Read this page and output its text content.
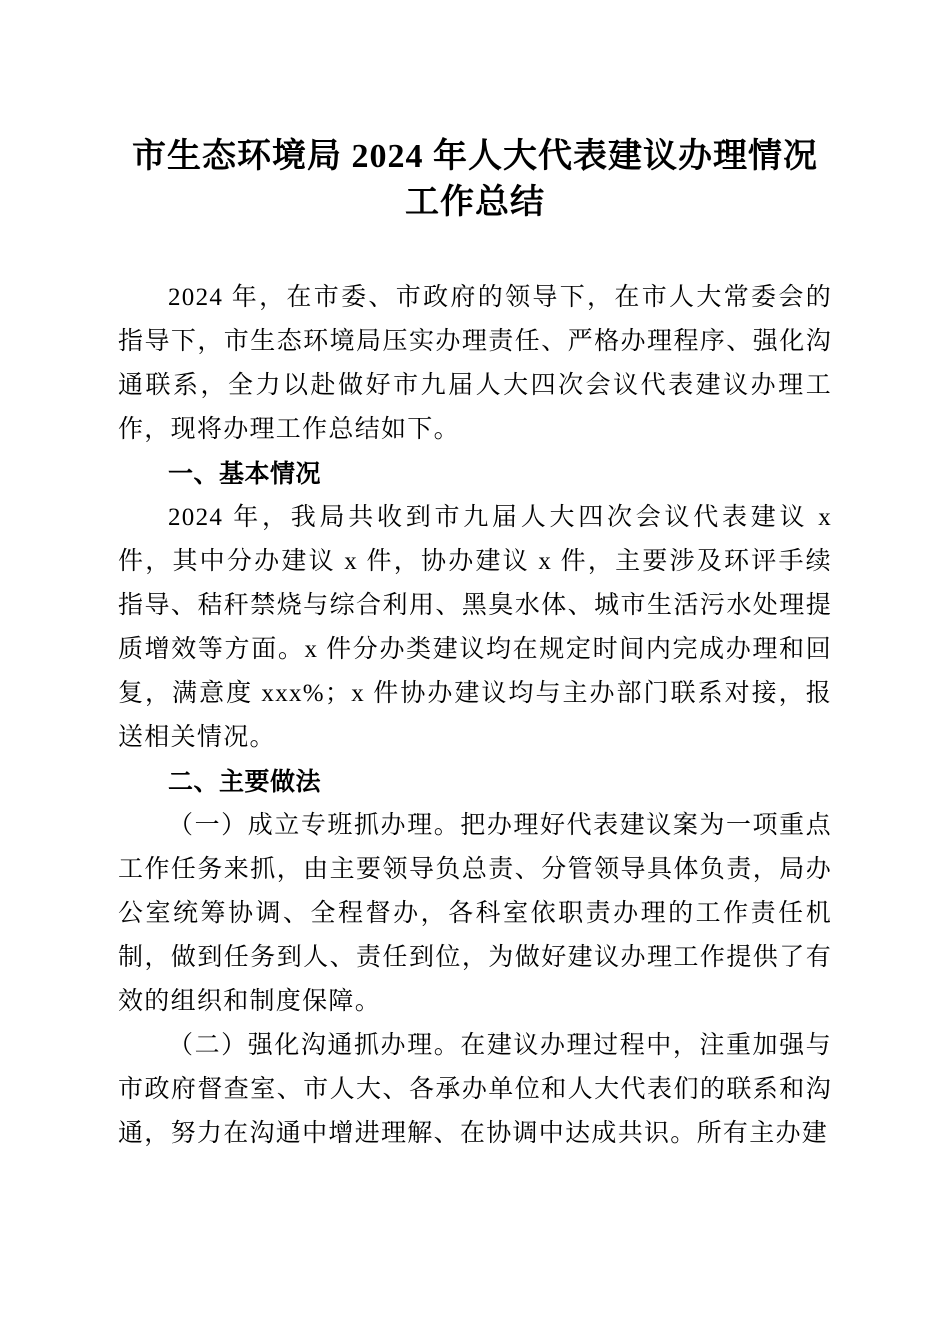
市生态环境局 2024 年人大代表建议办理情况
工作总结

2024 年，在市委、市政府的领导下，在市人大常委会的指导下，市生态环境局压实办理责任、严格办理程序、强化沟通联系，全力以赴做好市九届人大四次会议代表建议办理工作，现将办理工作总结如下。

一、基本情况

2024 年，我局共收到市九届人大四次会议代表建议 x 件，其中分办建议 x 件，协办建议 x 件，主要涉及环评手续指导、秸秆禁烧与综合利用、黑臭水体、城市生活污水处理提质增效等方面。x 件分办类建议均在规定时间内完成办理和回复，满意度 xxx%；x 件协办建议均与主办部门联系对接，报送相关情况。

二、主要做法

（一）成立专班抓办理。把办理好代表建议案为一项重点工作任务来抓，由主要领导负总责、分管领导具体负责，局办公室统筹协调、全程督办，各科室依职责办理的工作责任机制，做到任务到人、责任到位，为做好建议办理工作提供了有效的组织和制度保障。

（二）强化沟通抓办理。在建议办理过程中，注重加强与市政府督查室、市人大、各承办单位和人大代表们的联系和沟通，努力在沟通中增进理解、在协调中达成共识。所有主办建
